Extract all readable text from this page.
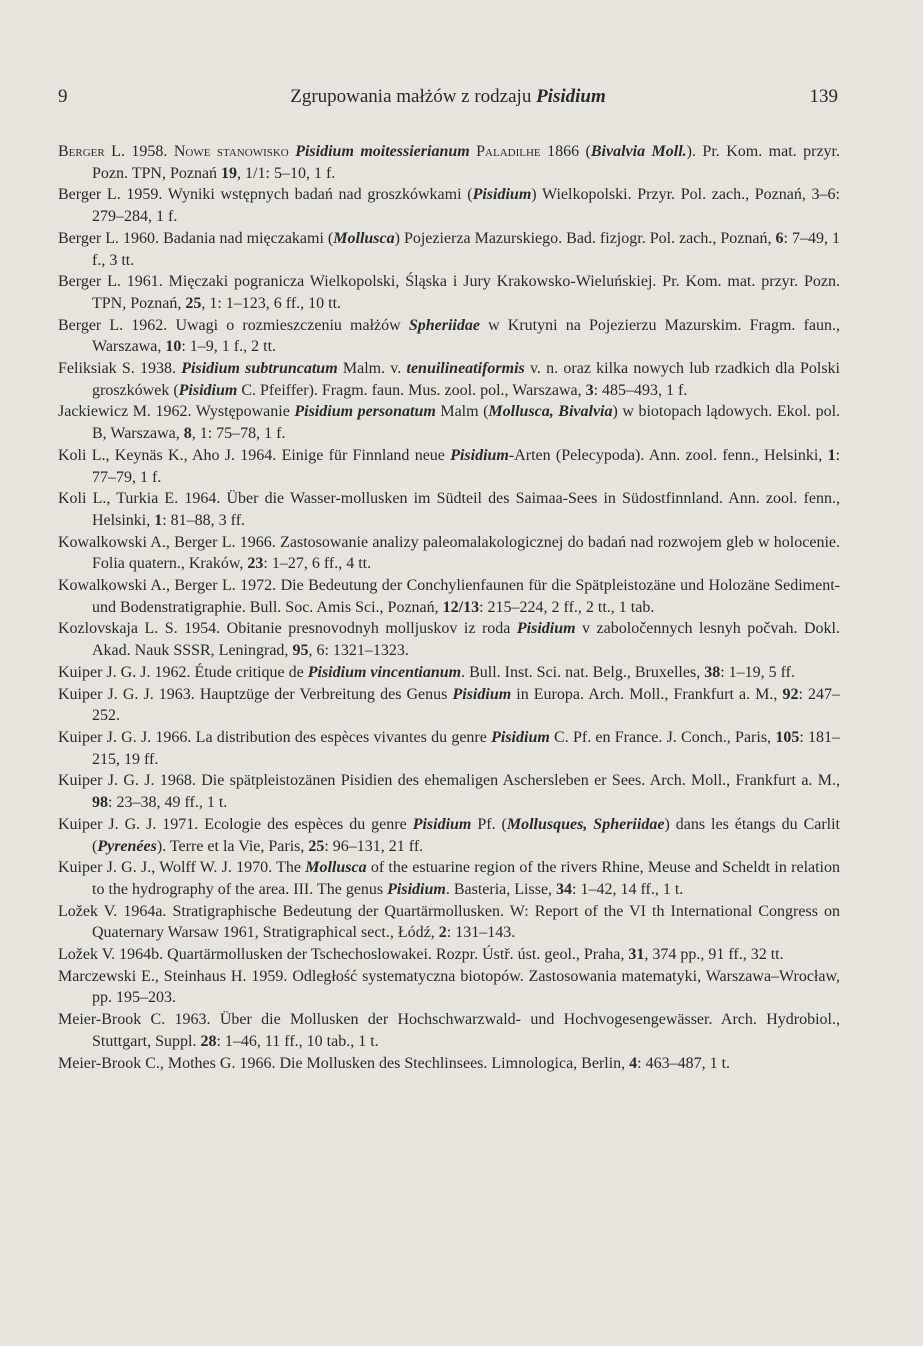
9	Zgrupowania małżów z rodzaju Pisidium	139

Berger L. 1958. Nowe stanowisko Pisidium moitessierianum Paladilhe 1866 (Bivalvia Moll.). Pr. Kom. mat. przyr. Pozn. TPN, Poznań 19, 1/1: 5–10, 1 f.

Berger L. 1959. Wyniki wstępnych badań nad groszkówkami (Pisidium) Wielkopolski. Przyr. Pol. zach., Poznań, 3–6: 279–284, 1 f.

Berger L. 1960. Badania nad mięczakami (Mollusca) Pojezierza Mazurskiego. Bad. fizjogr. Pol. zach., Poznań, 6: 7–49, 1 f., 3 tt.

Berger L. 1961. Mięczaki pogranicza Wielkopolski, Śląska i Jury Krakowsko-Wieluńskiej. Pr. Kom. mat. przyr. Pozn. TPN, Poznań, 25, 1: 1–123, 6 ff., 10 tt.

Berger L. 1962. Uwagi o rozmieszczeniu małżów Spheriidae w Krutyni na Pojezierzu Mazurskim. Fragm. faun., Warszawa, 10: 1–9, 1 f., 2 tt.

Feliksiak S. 1938. Pisidium subtruncatum Malm. v. tenuilineatiformis v. n. oraz kilka nowych lub rzadkich dla Polski groszkówek (Pisidium C. Pfeiffer). Fragm. faun. Mus. zool. pol., Warszawa, 3: 485–493, 1 f.

Jackiewicz M. 1962. Występowanie Pisidium personatum Malm (Mollusca, Bivalvia) w biotopach lądowych. Ekol. pol. B, Warszawa, 8, 1: 75–78, 1 f.

Koli L., Keynäs K., Aho J. 1964. Einige für Finnland neue Pisidium-Arten (Pelecypoda). Ann. zool. fenn., Helsinki, 1: 77–79, 1 f.

Koli L., Turkia E. 1964. Über die Wasser-mollusken im Südteil des Saimaa-Sees in Südostfinnland. Ann. zool. fenn., Helsinki, 1: 81–88, 3 ff.

Kowalkowski A., Berger L. 1966. Zastosowanie analizy paleomalakologicznej do badań nad rozwojem gleb w holocenie. Folia quatern., Kraków, 23: 1–27, 6 ff., 4 tt.

Kowalkowski A., Berger L. 1972. Die Bedeutung der Conchylienfaunen für die Spätpleistozäne und Holozäne Sediment- und Bodenstratigraphie. Bull. Soc. Amis Sci., Poznań, 12/13: 215–224, 2 ff., 2 tt., 1 tab.

Kozlovskaja L. S. 1954. Obitanie presnovodnyh molljuskov iz roda Pisidium v zaboločennych lesnyh počvah. Dokl. Akad. Nauk SSSR, Leningrad, 95, 6: 1321–1323.

Kuiper J. G. J. 1962. Étude critique de Pisidium vincentianum. Bull. Inst. Sci. nat. Belg., Bruxelles, 38: 1–19, 5 ff.

Kuiper J. G. J. 1963. Hauptzüge der Verbreitung des Genus Pisidium in Europa. Arch. Moll., Frankfurt a. M., 92: 247–252.

Kuiper J. G. J. 1966. La distribution des espèces vivantes du genre Pisidium C. Pf. en France. J. Conch., Paris, 105: 181–215, 19 ff.

Kuiper J. G. J. 1968. Die spätpleistozänen Pisidien des ehemaligen Aschersleben er Sees. Arch. Moll., Frankfurt a. M., 98: 23–38, 49 ff., 1 t.

Kuiper J. G. J. 1971. Ecologie des espèces du genre Pisidium Pf. (Mollusques, Spheriidae) dans les étangs du Carlit (Pyrenées). Terre et la Vie, Paris, 25: 96–131, 21 ff.

Kuiper J. G. J., Wolff W. J. 1970. The Mollusca of the estuarine region of the rivers Rhine, Meuse and Scheldt in relation to the hydrography of the area. III. The genus Pisidium. Basteria, Lisse, 34: 1–42, 14 ff., 1 t.

Ložek V. 1964a. Stratigraphische Bedeutung der Quartärmollusken. W: Report of the VI th International Congress on Quaternary Warsaw 1961, Stratigraphical sect., Łódź, 2: 131–143.

Ložek V. 1964b. Quartärmollusken der Tschechoslowakei. Rozpr. Ústř. úst. geol., Praha, 31, 374 pp., 91 ff., 32 tt.

Marczewski E., Steinhaus H. 1959. Odległość systematyczna biotopów. Zastosowania matematyki, Warszawa–Wrocław, pp. 195–203.

Meier-Brook C. 1963. Über die Mollusken der Hochschwarzwald- und Hochvogesengewässer. Arch. Hydrobiol., Stuttgart, Suppl. 28: 1–46, 11 ff., 10 tab., 1 t.

Meier-Brook C., Mothes G. 1966. Die Mollusken des Stechlinsees. Limnologica, Berlin, 4: 463–487, 1 t.
